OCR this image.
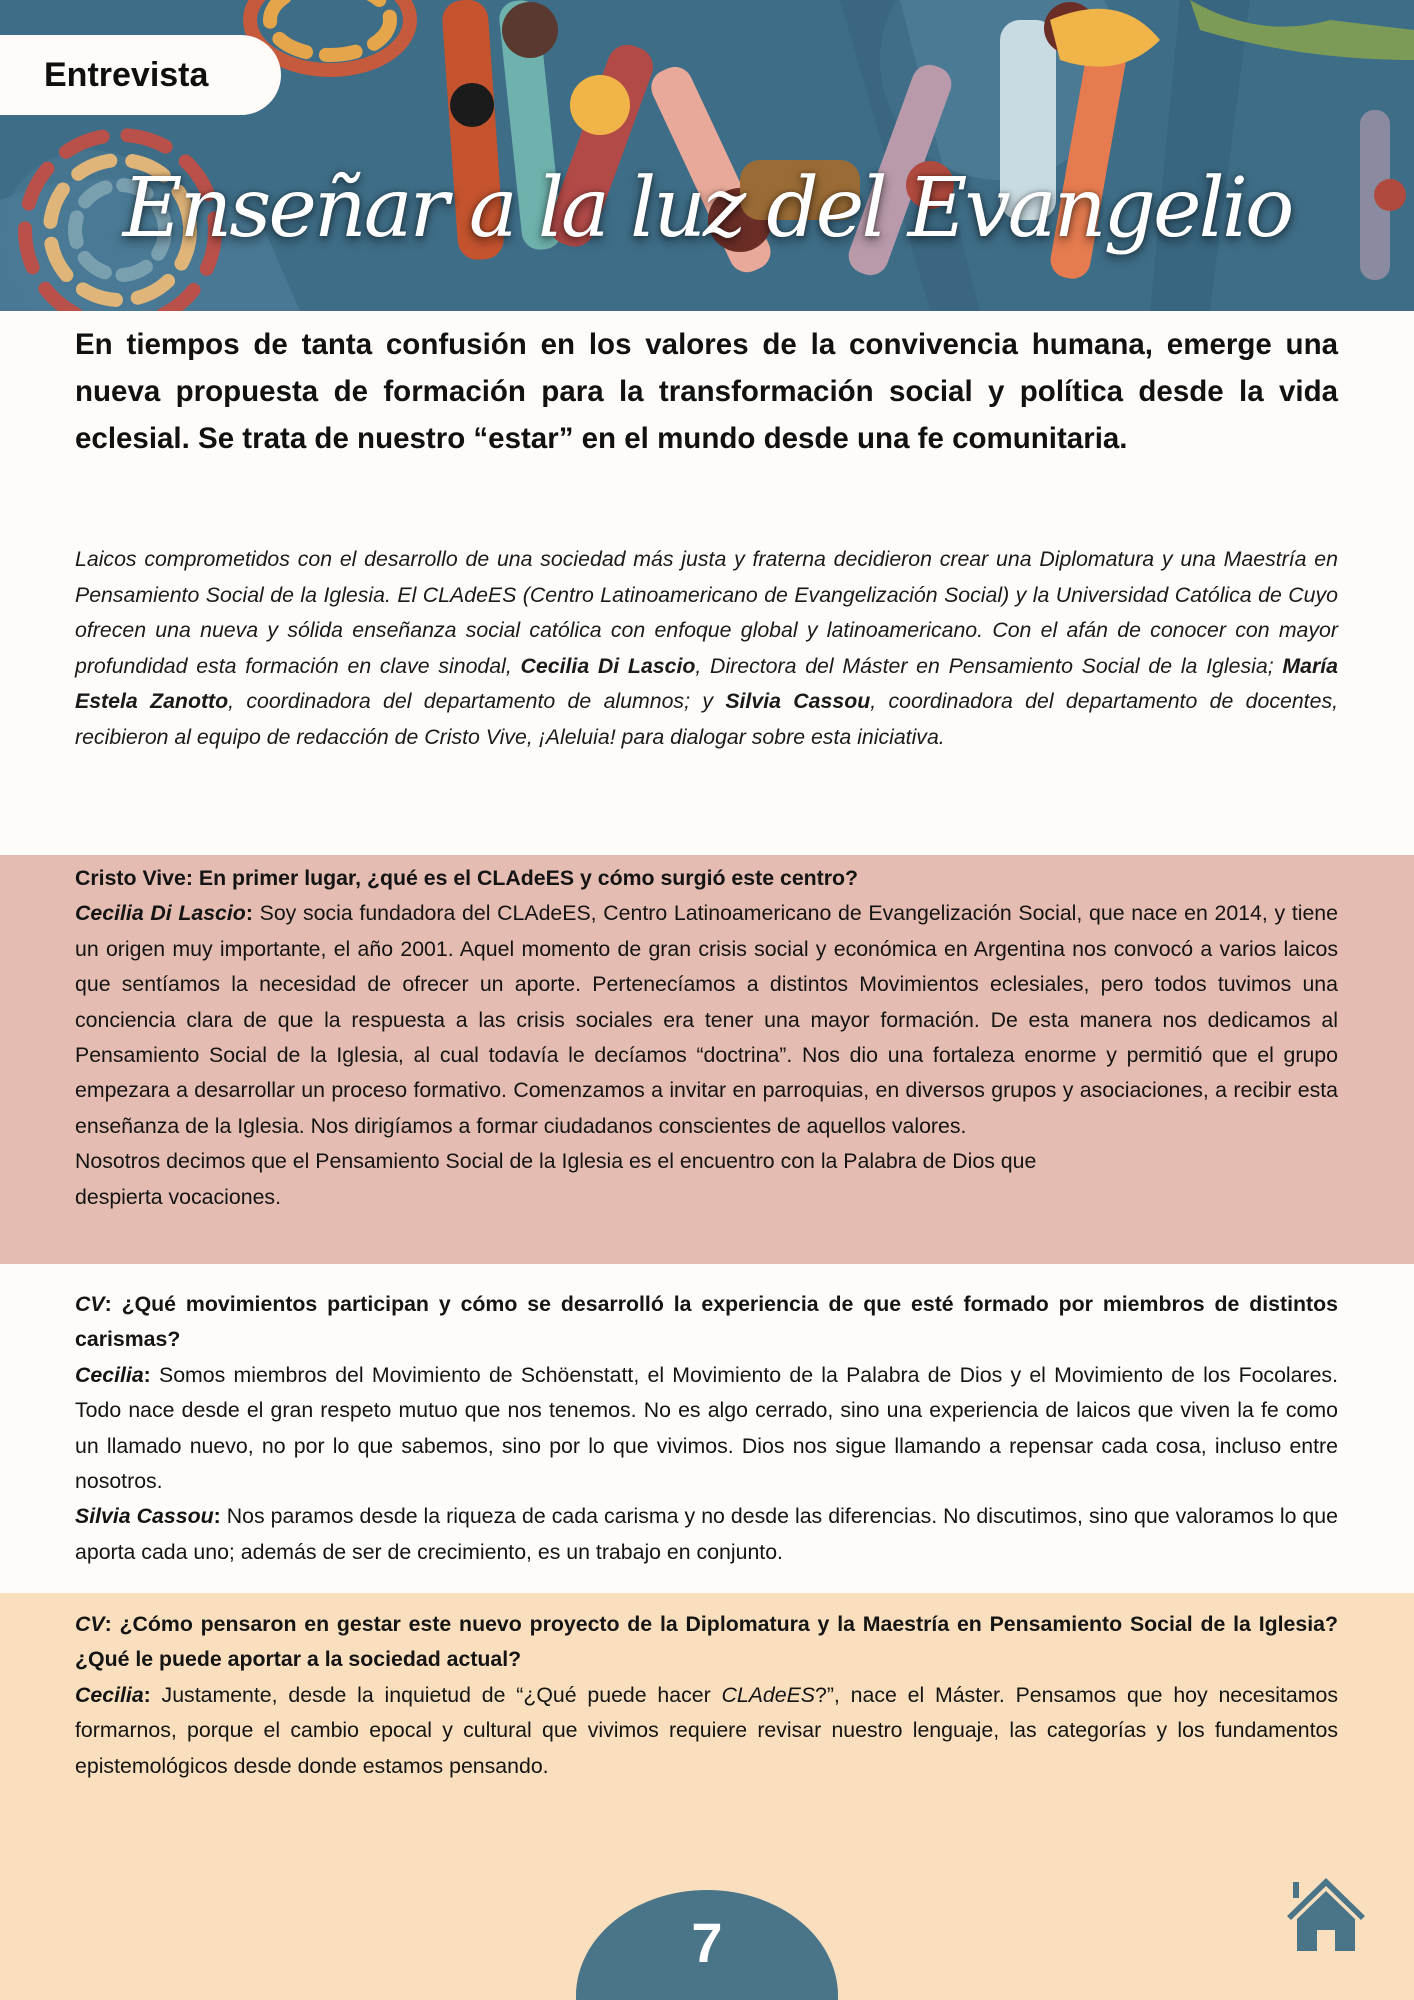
Entrevista
Enseñar a la luz del Evangelio

En tiempos de tanta confusión en los valores de la convivencia humana, emerge una nueva propuesta de formación para la transformación social y política desde la vida eclesial. Se trata de nuestro “estar” en el mundo desde una fe comunitaria.

Laicos comprometidos con el desarrollo de una sociedad más justa y fraterna decidieron crear una Diplomatura y una Maestría en Pensamiento Social de la Iglesia. El CLAdeES (Centro Latinoamericano de Evangelización Social) y la Universidad Católica de Cuyo ofrecen una nueva y sólida enseñanza social católica con enfoque global y latinoamericano. Con el afán de conocer con mayor profundidad esta formación en clave sinodal, Cecilia Di Lascio, Directora del Máster en Pensamiento Social de la Iglesia; María Estela Zanotto, coordinadora del departamento de alumnos; y Silvia Cassou, coordinadora del departamento de docentes, recibieron al equipo de redacción de Cristo Vive, ¡Aleluia! para dialogar sobre esta iniciativa.

Cristo Vive: En primer lugar, ¿qué es el CLAdeES y cómo surgió este centro?

Cecilia Di Lascio: Soy socia fundadora del CLAdeES, Centro Latinoamericano de Evangelización Social, que nace en 2014, y tiene un origen muy importante, el año 2001. Aquel momento de gran crisis social y económica en Argentina nos convocó a varios laicos que sentíamos la necesidad de ofrecer un aporte. Pertenecíamos a distintos Movimientos eclesiales, pero todos tuvimos una conciencia clara de que la respuesta a las crisis sociales era tener una mayor formación. De esta manera nos dedicamos al Pensamiento Social de la Iglesia, al cual todavía le decíamos “doctrina”. Nos dio una fortaleza enorme y permitió que el grupo empezara a desarrollar un proceso formativo. Comenzamos a invitar en parroquias, en diversos grupos y asociaciones, a recibir esta enseñanza de la Iglesia. Nos dirigíamos a formar ciudadanos conscientes de aquellos valores.

Nosotros decimos que el Pensamiento Social de la Iglesia es el encuentro con la Palabra de Dios que

despierta vocaciones.

CV: ¿Qué movimientos participan y cómo se desarrolló la experiencia de que esté formado por miembros de distintos carismas?

Cecilia: Somos miembros del Movimiento de Schöenstatt, el Movimiento de la Palabra de Dios y el Movimiento de los Focolares. Todo nace desde el gran respeto mutuo que nos tenemos. No es algo cerrado, sino una experiencia de laicos que viven la fe como un llamado nuevo, no por lo que sabemos, sino por lo que vivimos. Dios nos sigue llamando a repensar cada cosa, incluso entre nosotros.

Silvia Cassou: Nos paramos desde la riqueza de cada carisma y no desde las diferencias. No discutimos, sino que valoramos lo que aporta cada uno; además de ser de crecimiento, es un trabajo en conjunto.

CV: ¿Cómo pensaron en gestar este nuevo proyecto de la Diplomatura y la Maestría en Pensamiento Social de la Iglesia? ¿Qué le puede aportar a la sociedad actual?

Cecilia: Justamente, desde la inquietud de “¿Qué puede hacer CLAdeES?”, nace el Máster. Pensamos que hoy necesitamos formarnos, porque el cambio epocal y cultural que vivimos requiere revisar nuestro lenguaje, las categorías y los fundamentos epistemológicos desde donde estamos pensando.

7
